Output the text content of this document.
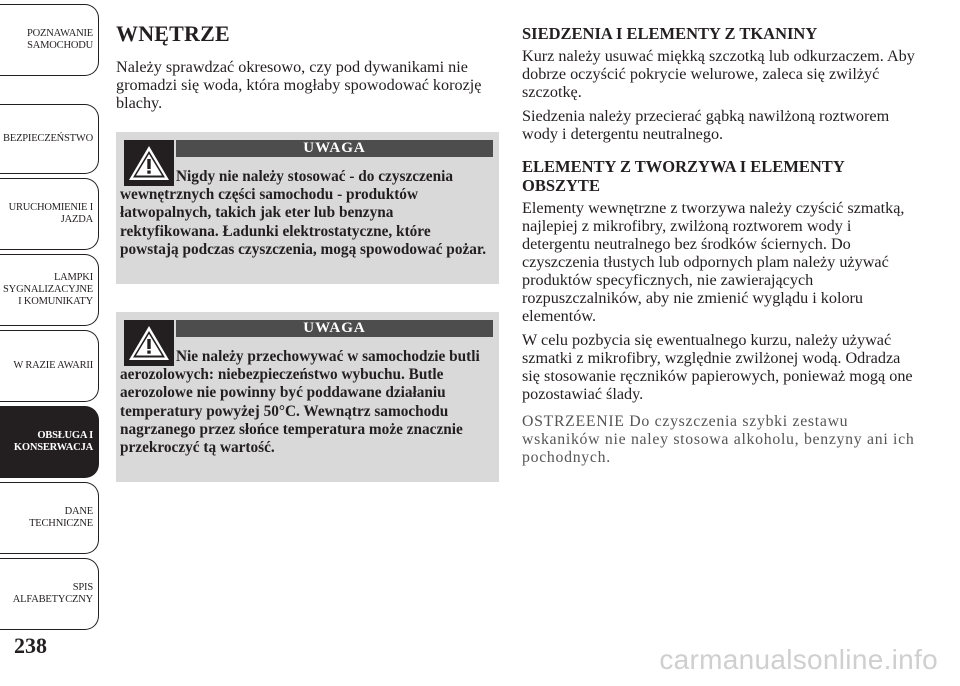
POZNAWANIE
SAMOCHODU
BEZPIECZEŃSTWO
URUCHOMIENIE I
JAZDA
LAMPKI
SYGNALIZACYJNE
I KOMUNIKATY
W RAZIE AWARII
OBSŁUGA I
KONSERWACJA
DANE
TECHNICZNE
SPIS
ALFABETYCZNY
238
WNĘTRZE

Należy sprawdzać okresowo, czy pod dywanikami nie gromadzi się woda, która mogłaby spowodować korozję blachy.

UWAGA
Nigdy nie należy stosować - do czyszczenia wewnętrznych części samochodu - produktów łatwopalnych, takich jak eter lub benzyna rektyfikowana. Ładunki elektrostatyczne, które powstają podczas czyszczenia, mogą spowodować pożar.
UWAGA
Nie należy przechowywać w samochodzie butli aerozolowych: niebezpieczeństwo wybuchu. Butle aerozolowe nie powinny być poddawane działaniu temperatury powyżej 50°C. Wewnątrz samochodu nagrzanego przez słońce temperatura może znacznie przekroczyć tą wartość.
SIEDZENIA I ELEMENTY Z TKANINY

Kurz należy usuwać miękką szczotką lub odkurzaczem. Aby dobrze oczyścić pokrycie welurowe, zaleca się zwilżyć szczotkę.

Siedzenia należy przecierać gąbką nawilżoną roztworem wody i detergentu neutralnego.

ELEMENTY Z TWORZYWA I ELEMENTY OBSZYTE

Elementy wewnętrzne z tworzywa należy czyścić szmatką, najlepiej z mikrofibry, zwilżoną roztworem wody i detergentu neutralnego bez środków ściernych. Do czyszczenia tłustych lub odpornych plam należy używać produktów specyficznych, nie zawierających rozpuszczalników, aby nie zmienić wyglądu i koloru elementów.

W celu pozbycia się ewentualnego kurzu, należy używać szmatki z mikrofibry, względnie zwilżonej wodą. Odradza się stosowanie ręczników papierowych, ponieważ mogą one pozostawiać ślady.

OSTRZEENIE Do czyszczenia szybki zestawu wskaników nie naley stosowa alkoholu, benzyny ani ich pochodnych.
carmanualsonline.info
